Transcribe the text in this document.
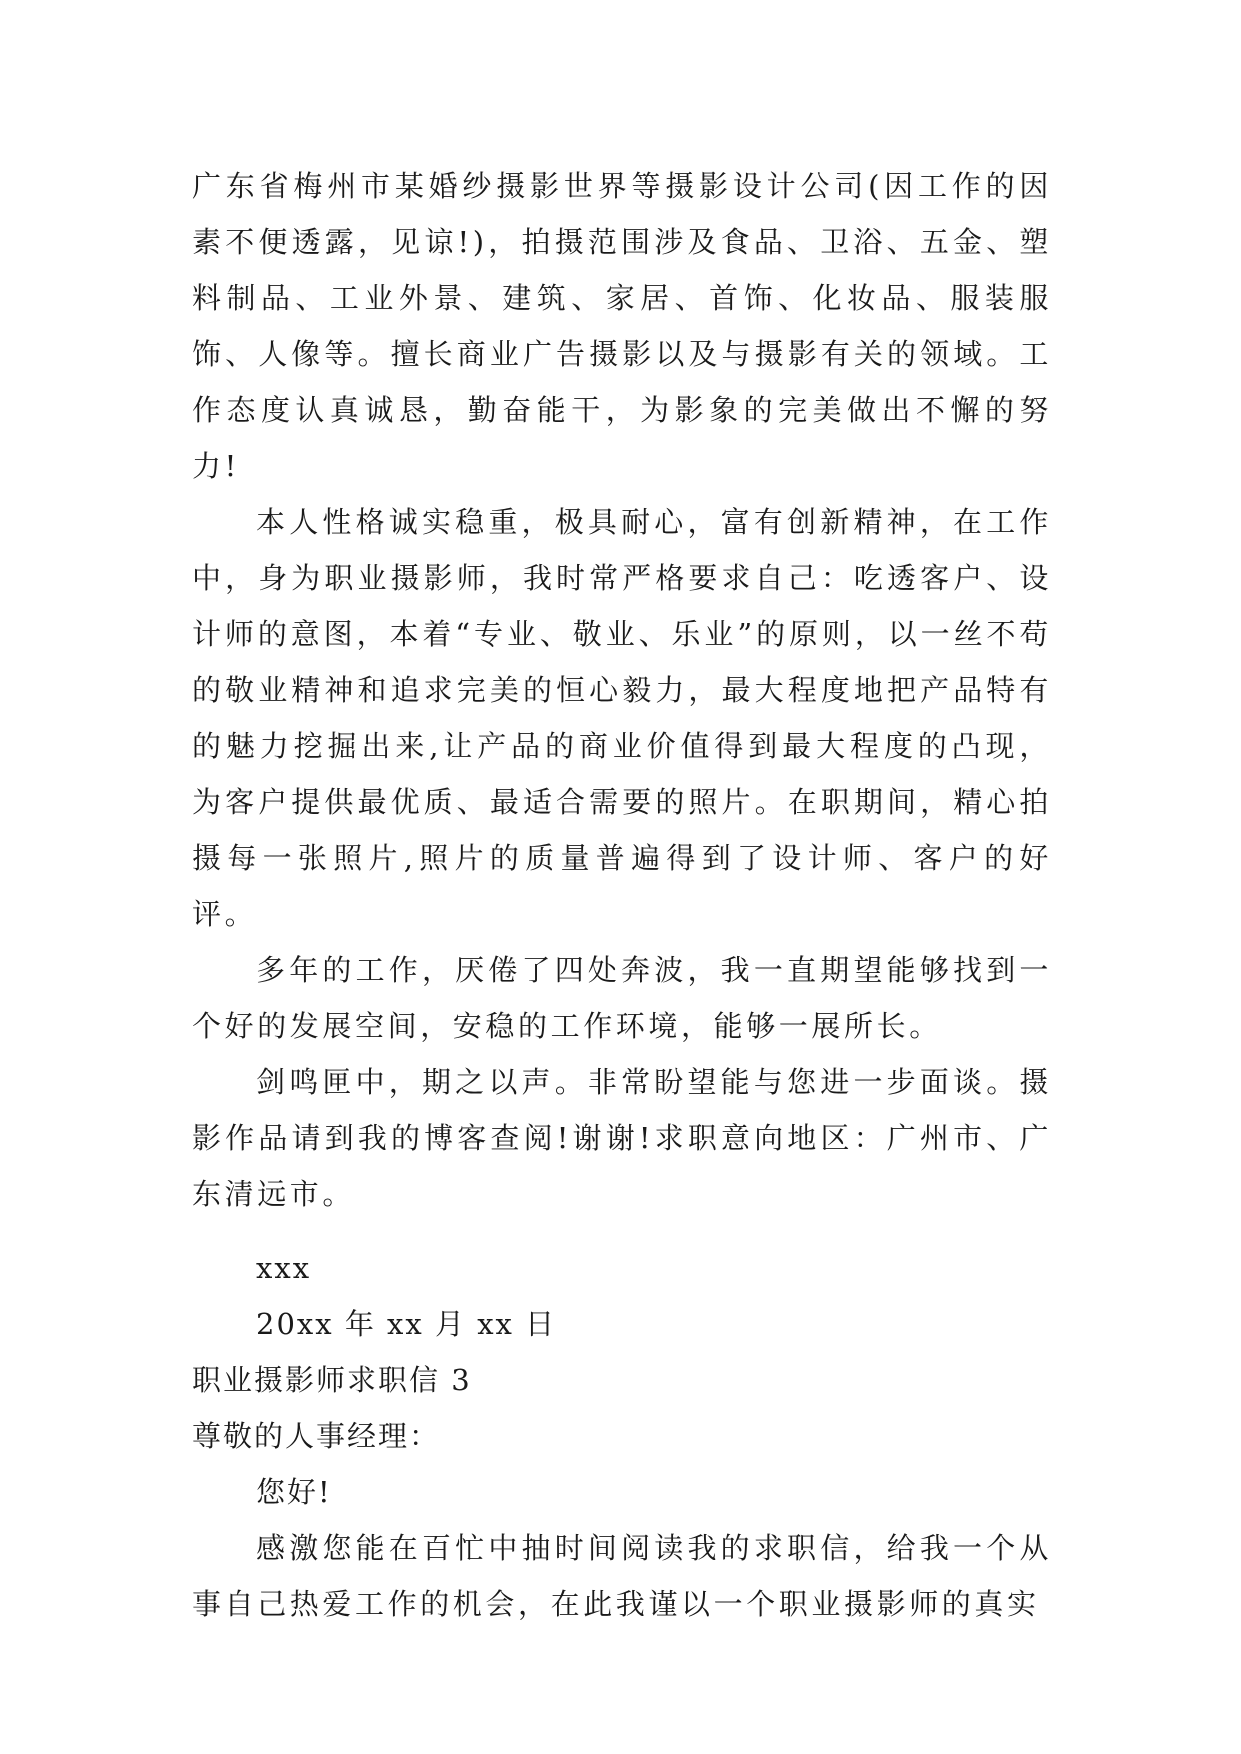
广东省梅州市某婚纱摄影世界等摄影设计公司(因工作的因素不便透露，见谅!)，拍摄范围涉及食品、卫浴、五金、塑料制品、工业外景、建筑、家居、首饰、化妆品、服装服饰、人像等。擅长商业广告摄影以及与摄影有关的领域。工作态度认真诚恳，勤奋能干，为影象的完美做出不懈的努力!

本人性格诚实稳重，极具耐心，富有创新精神，在工作中，身为职业摄影师，我时常严格要求自己：吃透客户、设计师的意图，本着“专业、敬业、乐业”的原则，以一丝不苟的敬业精神和追求完美的恒心毅力，最大程度地把产品特有的魅力挖掘出来,让产品的商业价值得到最大程度的凸现，为客户提供最优质、最适合需要的照片。在职期间，精心拍摄每一张照片,照片的质量普遍得到了设计师、客户的好评。

多年的工作，厌倦了四处奔波，我一直期望能够找到一个好的发展空间，安稳的工作环境，能够一展所长。

剑鸣匣中，期之以声。非常盼望能与您进一步面谈。摄影作品请到我的博客查阅!谢谢!求职意向地区：广州市、广东清远市。

xxx

20xx 年 xx 月 xx 日

职业摄影师求职信 3

尊敬的人事经理：

您好!

感激您能在百忙中抽时间阅读我的求职信，给我一个从事自己热爱工作的机会，在此我谨以一个职业摄影师的真实
